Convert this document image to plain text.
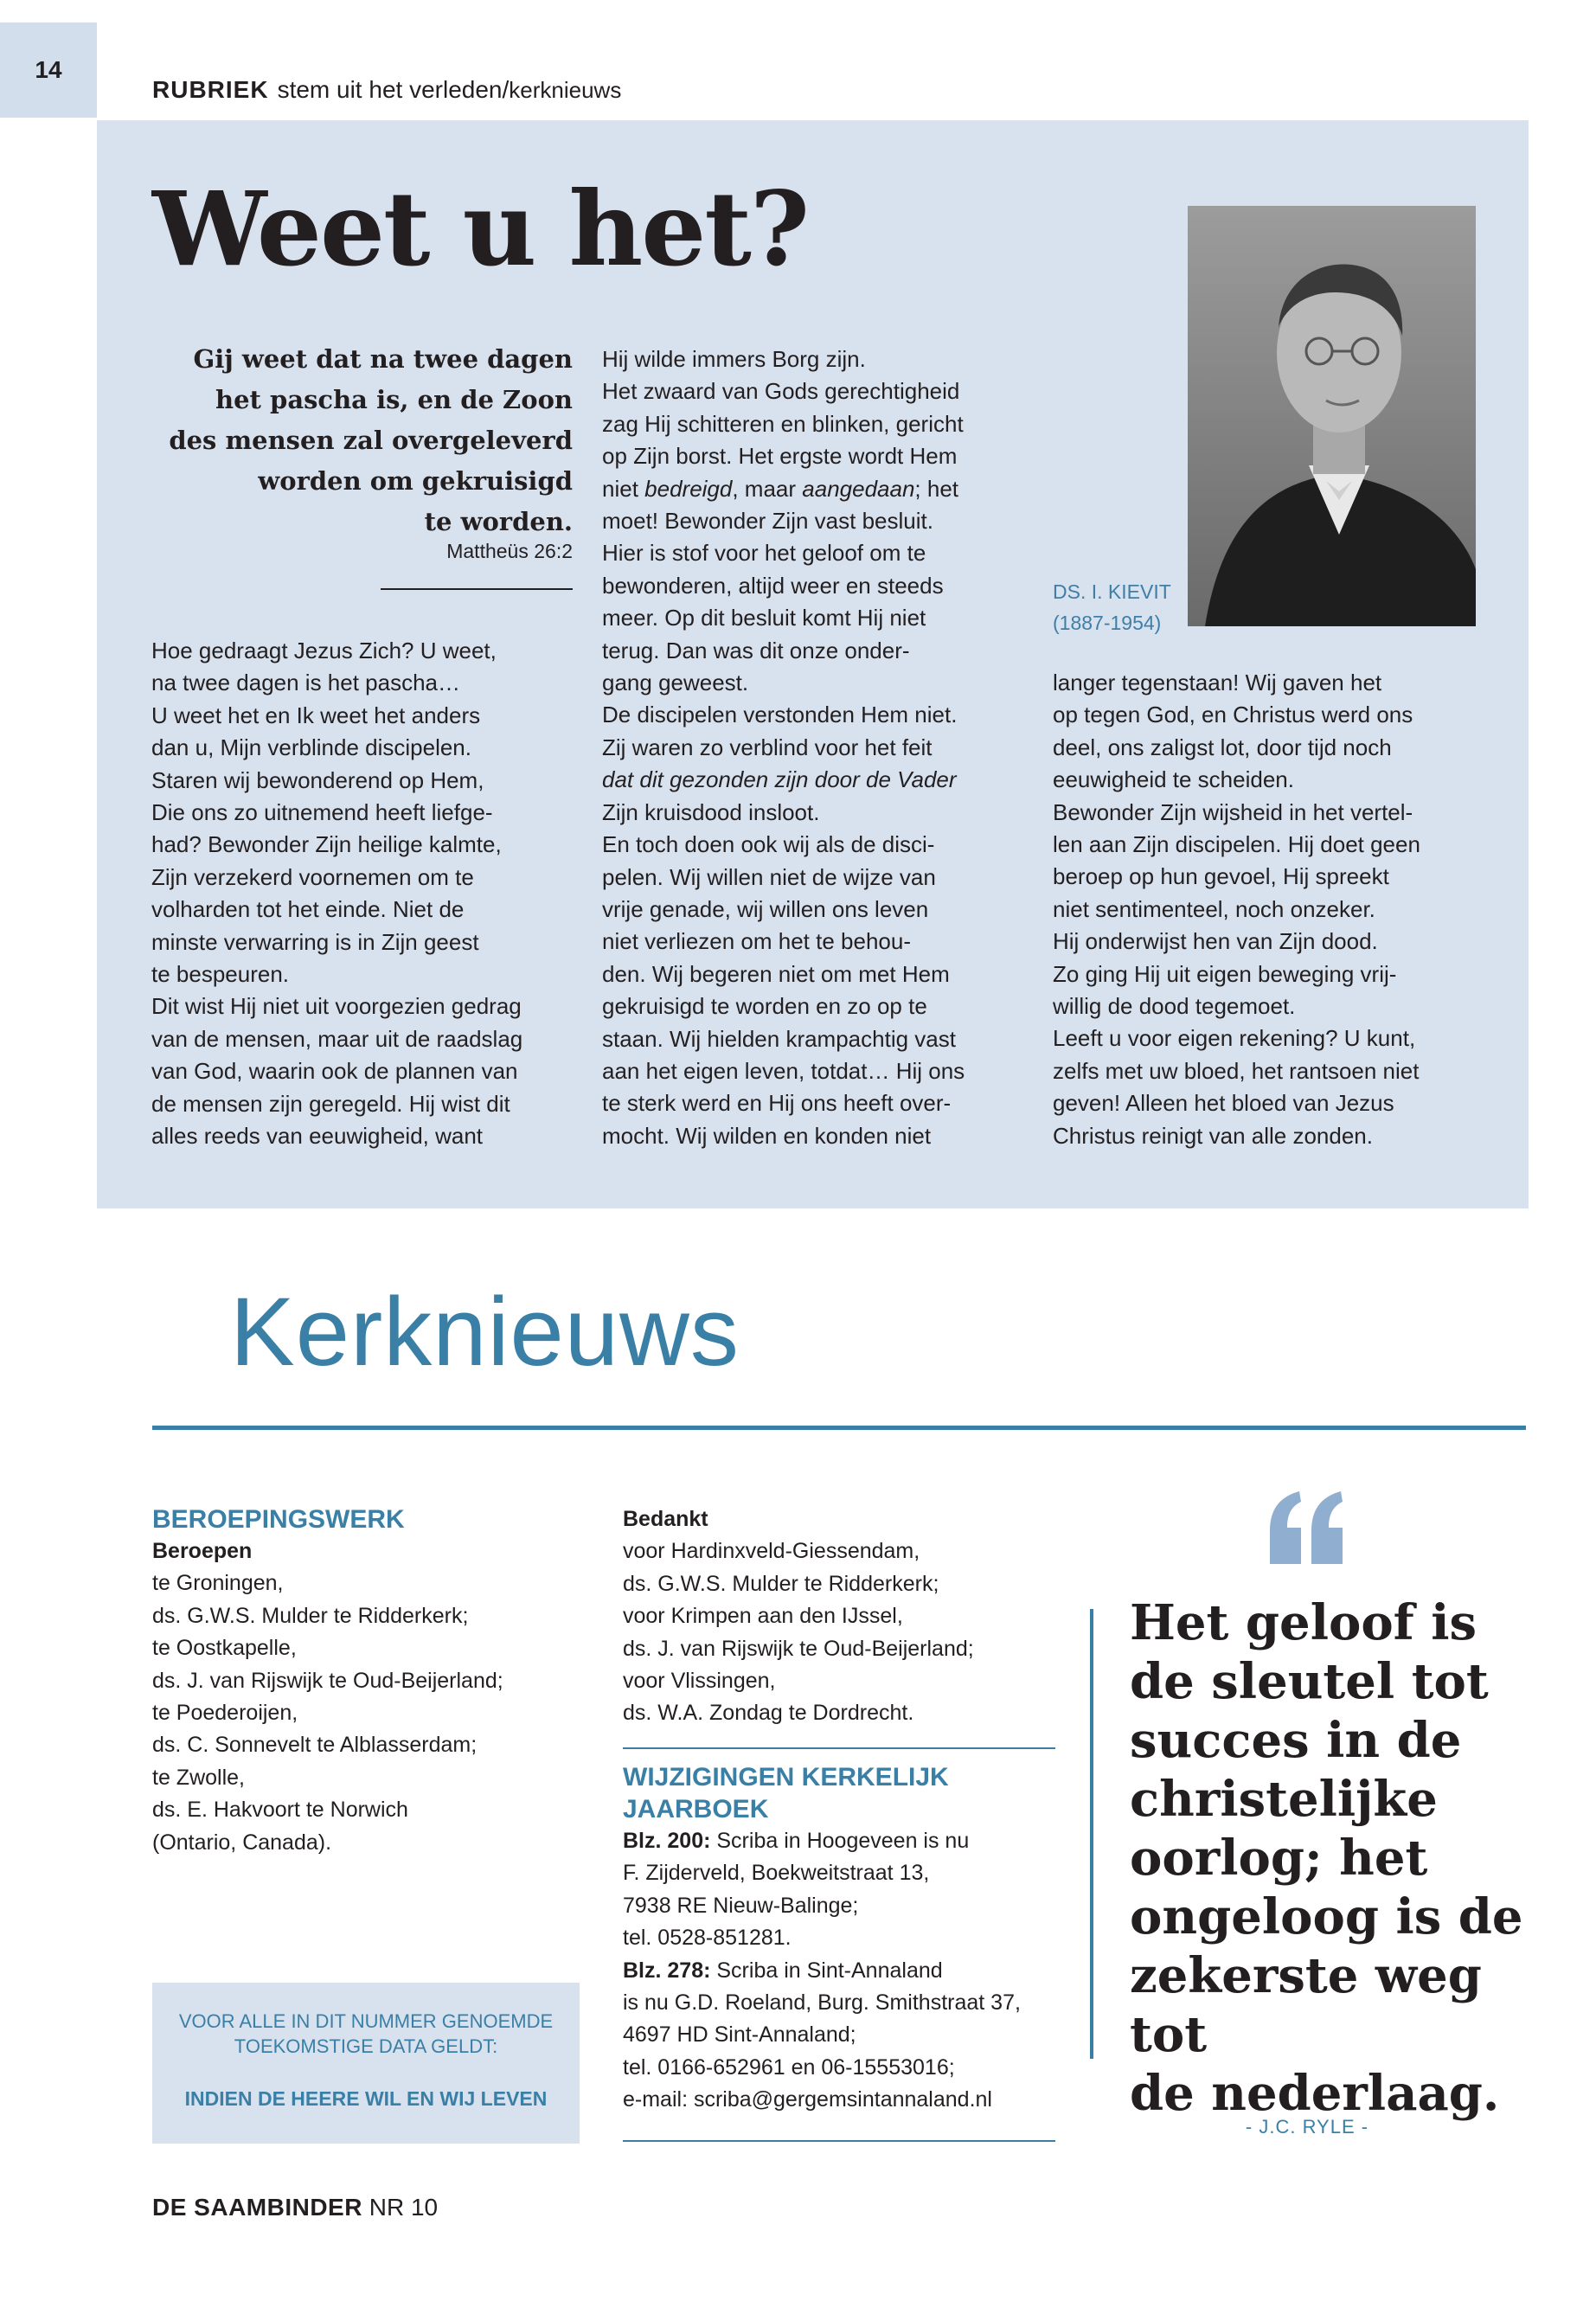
14
RUBRIEK stem uit het verleden/kerknieuws
Weet u het?
Gij weet dat na twee dagen
het pascha is, en de Zoon
des mensen zal overgeleverd
worden om gekruisigd
te worden.
Mattheüs 26:2

Hoe gedraagt Jezus Zich? U weet,

na twee dagen is het pascha…

U weet het en Ik weet het anders

dan u, Mijn verblinde discipelen.

Staren wij bewonderend op Hem,

Die ons zo uitnemend heeft liefge-

had? Bewonder Zijn heilige kalmte,

Zijn verzekerd voornemen om te

volharden tot het einde. Niet de

minste verwarring is in Zijn geest

te bespeuren.

Dit wist Hij niet uit voorgezien gedrag

van de mensen, maar uit de raadslag

van God, waarin ook de plannen van

de mensen zijn geregeld. Hij wist dit

alles reeds van eeuwigheid, want

Hij wilde immers Borg zijn.

Het zwaard van Gods gerechtigheid

zag Hij schitteren en blinken, gericht

op Zijn borst. Het ergste wordt Hem

niet bedreigd, maar aangedaan; het

moet! Bewonder Zijn vast besluit.

Hier is stof voor het geloof om te

bewonderen, altijd weer en steeds

meer. Op dit besluit komt Hij niet

terug. Dan was dit onze onder-

gang geweest.

De discipelen verstonden Hem niet.

Zij waren zo verblind voor het feit

dat dit gezonden zijn door de Vader

Zijn kruisdood insloot.

En toch doen ook wij als de disci-

pelen. Wij willen niet de wijze van

vrije genade, wij willen ons leven

niet verliezen om het te behou-

den. Wij begeren niet om met Hem

gekruisigd te worden en zo op te

staan. Wij hielden krampachtig vast

aan het eigen leven, totdat… Hij ons

te sterk werd en Hij ons heeft over-

mocht. Wij wilden en konden niet

DS. I. KIEVIT
(1887-1954)

langer tegenstaan! Wij gaven het

op tegen God, en Christus werd ons

deel, ons zaligst lot, door tijd noch

eeuwigheid te scheiden.

Bewonder Zijn wijsheid in het vertel-

len aan Zijn discipelen. Hij doet geen

beroep op hun gevoel, Hij spreekt

niet sentimenteel, noch onzeker.

Hij onderwijst hen van Zijn dood.

Zo ging Hij uit eigen beweging vrij-

willig de dood tegemoet.

Leeft u voor eigen rekening? U kunt,

zelfs met uw bloed, het rantsoen niet

geven! Alleen het bloed van Jezus

Christus reinigt van alle zonden.

Kerknieuws
BEROEPINGSWERK

Beroepen

te Groningen,

ds. G.W.S. Mulder te Ridderkerk;

te Oostkapelle,

ds. J. van Rijswijk te Oud-Beijerland;

te Poederoijen,

ds. C. Sonnevelt te Alblasserdam;

te Zwolle,

ds. E. Hakvoort te Norwich

(Ontario, Canada).

VOOR ALLE IN DIT NUMMER GENOEMDE
TOEKOMSTIGE DATA GELDT:
INDIEN DE HEERE WIL EN WIJ LEVEN

Bedankt

voor Hardinxveld-Giessendam,

ds. G.W.S. Mulder te Ridderkerk;

voor Krimpen aan den IJssel,

ds. J. van Rijswijk te Oud-Beijerland;

voor Vlissingen,

ds. W.A. Zondag te Dordrecht.

WIJZIGINGEN KERKELIJK
JAARBOEK

Blz. 200: Scriba in Hoogeveen is nu

F. Zijderveld, Boekweitstraat 13,

7938 RE Nieuw-Balinge;

tel. 0528-851281.

Blz. 278: Scriba in Sint-Annaland

is nu G.D. Roeland, Burg. Smithstraat 37,

4697 HD Sint-Annaland;

tel. 0166-652961 en 06-15553016;

e-mail: scriba@gergemsintannaland.nl

Het geloof is
de sleutel tot
succes in de
christelijke
oorlog; het
ongeloog is de
zekerste weg tot
de nederlaag.
- J.C. RYLE -
DE SAAMBINDER NR 10
